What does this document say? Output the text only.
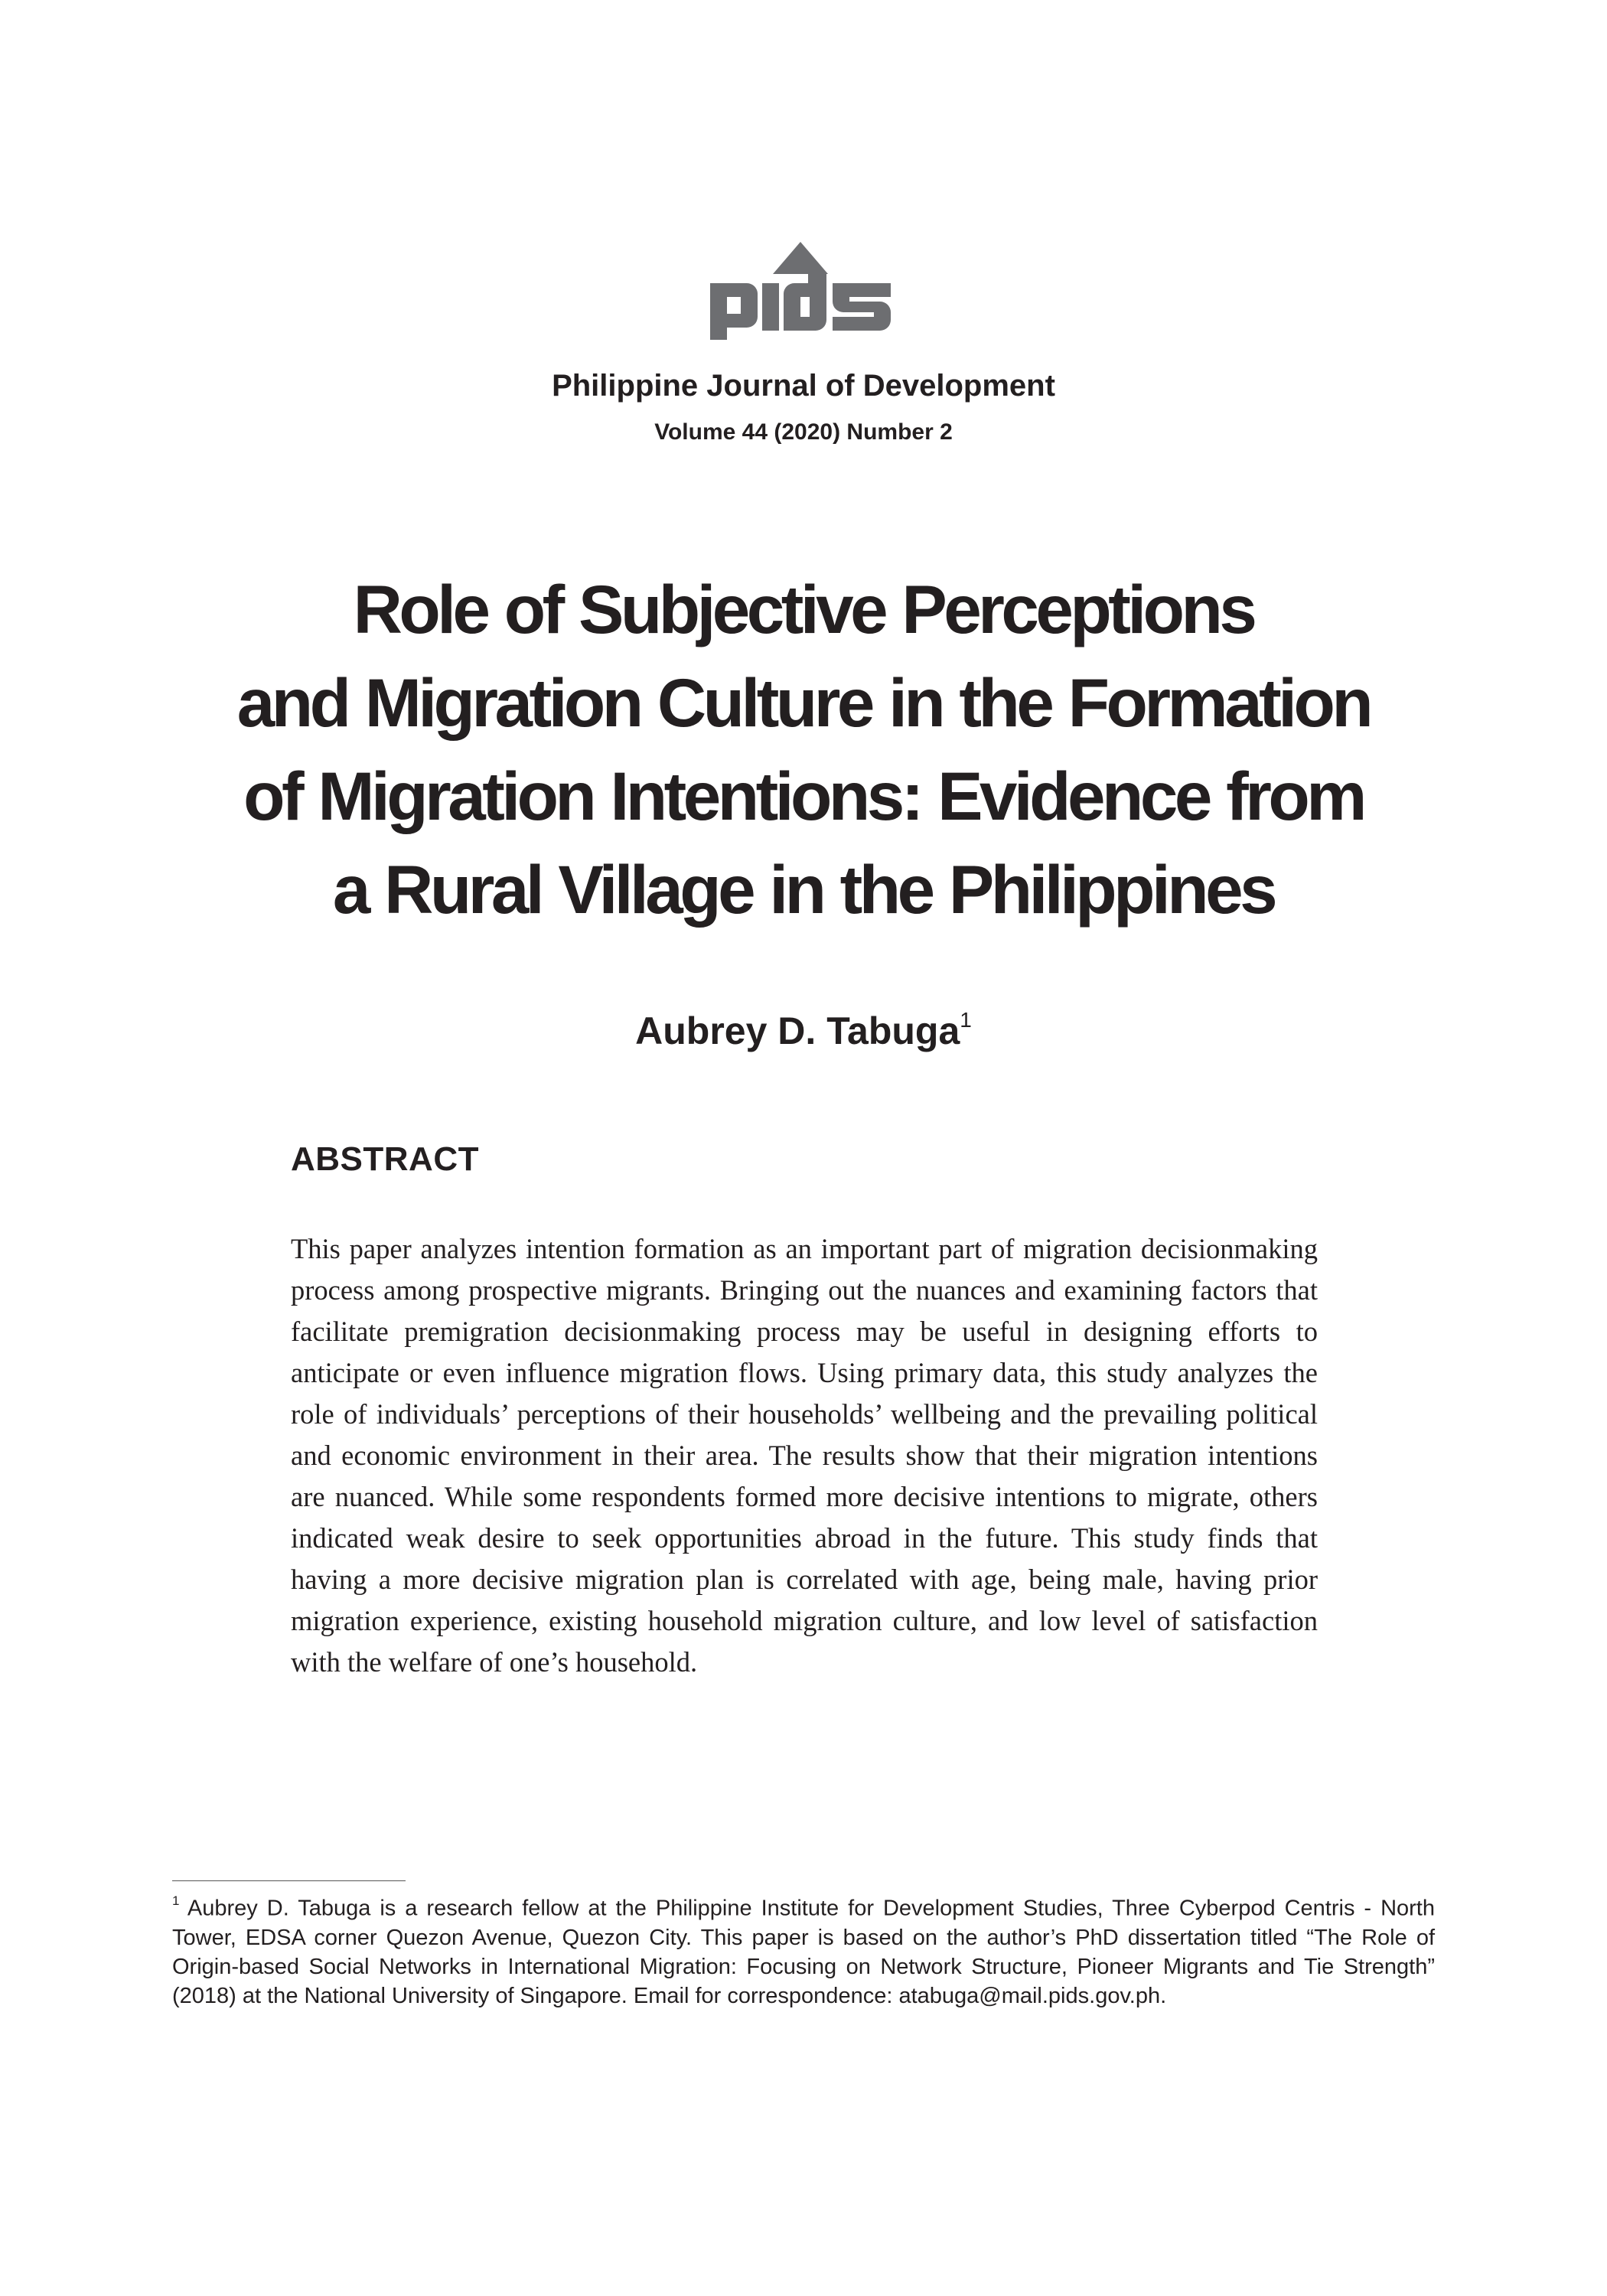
Philippine Journal of Development
Volume 44 (2020) Number 2
Role of Subjective Perceptions
and Migration Culture in the Formation
of Migration Intentions: Evidence from
a Rural Village in the Philippines
Aubrey D. Tabuga$^1$
ABSTRACT

This paper analyzes intention formation as an important part of migration decisionmaking process among prospective migrants. Bringing out the nuances and examining factors that facilitate premigration decisionmaking process may be useful in designing efforts to anticipate or even influence migration flows. Using primary data, this study analyzes the role of individuals’ perceptions of their households’ wellbeing and the prevailing political and economic environment in their area. The results show that their migration intentions are nuanced. While some respondents formed more decisive intentions to migrate, others indicated weak desire to seek opportunities abroad in the future. This study finds that having a more decisive migration plan is correlated with age, being male, having prior migration experience, existing household migration culture, and low level of satisfaction with the welfare of one’s household.

$^1$ Aubrey D. Tabuga is a research fellow at the Philippine Institute for Development Studies, Three Cyberpod Centris - North Tower, EDSA corner Quezon Avenue, Quezon City. This paper is based on the author’s PhD dissertation titled “The Role of Origin-based Social Networks in International Migration: Focusing on Network Structure, Pioneer Migrants and Tie Strength” (2018) at the National University of Singapore. Email for correspondence: atabuga@mail.pids.gov.ph.
